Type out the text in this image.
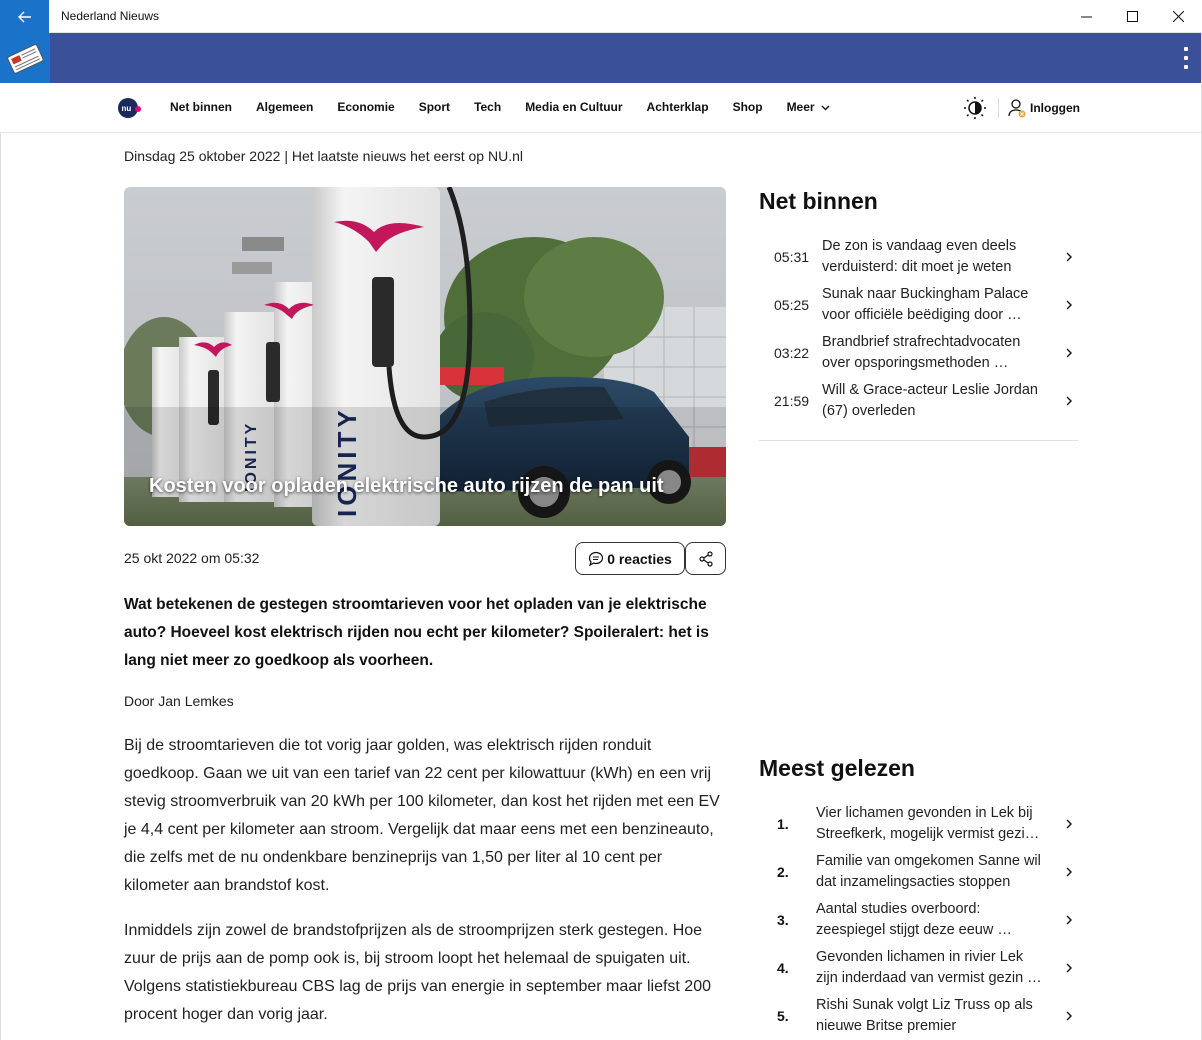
Nederland Nieuws
nu	Net binnen Algemeen Economie Sport Tech Media en Cultuur Achterklap Shop Meer	Inloggen
Dinsdag 25 oktober 2022 | Het laatste nieuws het eerst op NU.nl
IONITY
IONITY
Kosten voor opladen elektrische auto rijzen de pan uit
25 okt 2022 om 05:32	0 reacties
Wat betekenen de gestegen stroomtarieven voor het opladen van je elektrische auto? Hoeveel kost elektrisch rijden nou echt per kilometer? Spoileralert: het is lang niet meer zo goedkoop als voorheen.
Door Jan Lemkes
Bij de stroomtarieven die tot vorig jaar golden, was elektrisch rijden ronduit goedkoop. Gaan we uit van een tarief van 22 cent per kilowattuur (kWh) en een vrij stevig stroomverbruik van 20 kWh per 100 kilometer, dan kost het rijden met een EV je 4,4 cent per kilometer aan stroom. Vergelijk dat maar eens met een benzineauto, die zelfs met de nu ondenkbare benzineprijs van 1,50 per liter al 10 cent per kilometer aan brandstof kost.
Inmiddels zijn zowel de brandstofprijzen als de stroomprijzen sterk gestegen. Hoe zuur de prijs aan de pomp ook is, bij stroom loopt het helemaal de spuigaten uit. Volgens statistiekbureau CBS lag de prijs van energie in september maar liefst 200 procent hoger dan vorig jaar.
Net binnen
05:31
De zon is vandaag even deels
verduisterd: dit moet je weten
05:25
Sunak naar Buckingham Palace
voor officiële beëdiging door …
03:22
Brandbrief strafrechtadvocaten
over opsporingsmethoden …
21:59
Will & Grace-acteur Leslie Jordan
(67) overleden
Meest gelezen
1.
Vier lichamen gevonden in Lek bij
Streefkerk, mogelijk vermist gezi…
2.
Familie van omgekomen Sanne wil
dat inzamelingsacties stoppen
3.
Aantal studies overboord:
zeespiegel stijgt deze eeuw …
4.
Gevonden lichamen in rivier Lek
zijn inderdaad van vermist gezin …
5.
Rishi Sunak volgt Liz Truss op als
nieuwe Britse premier
